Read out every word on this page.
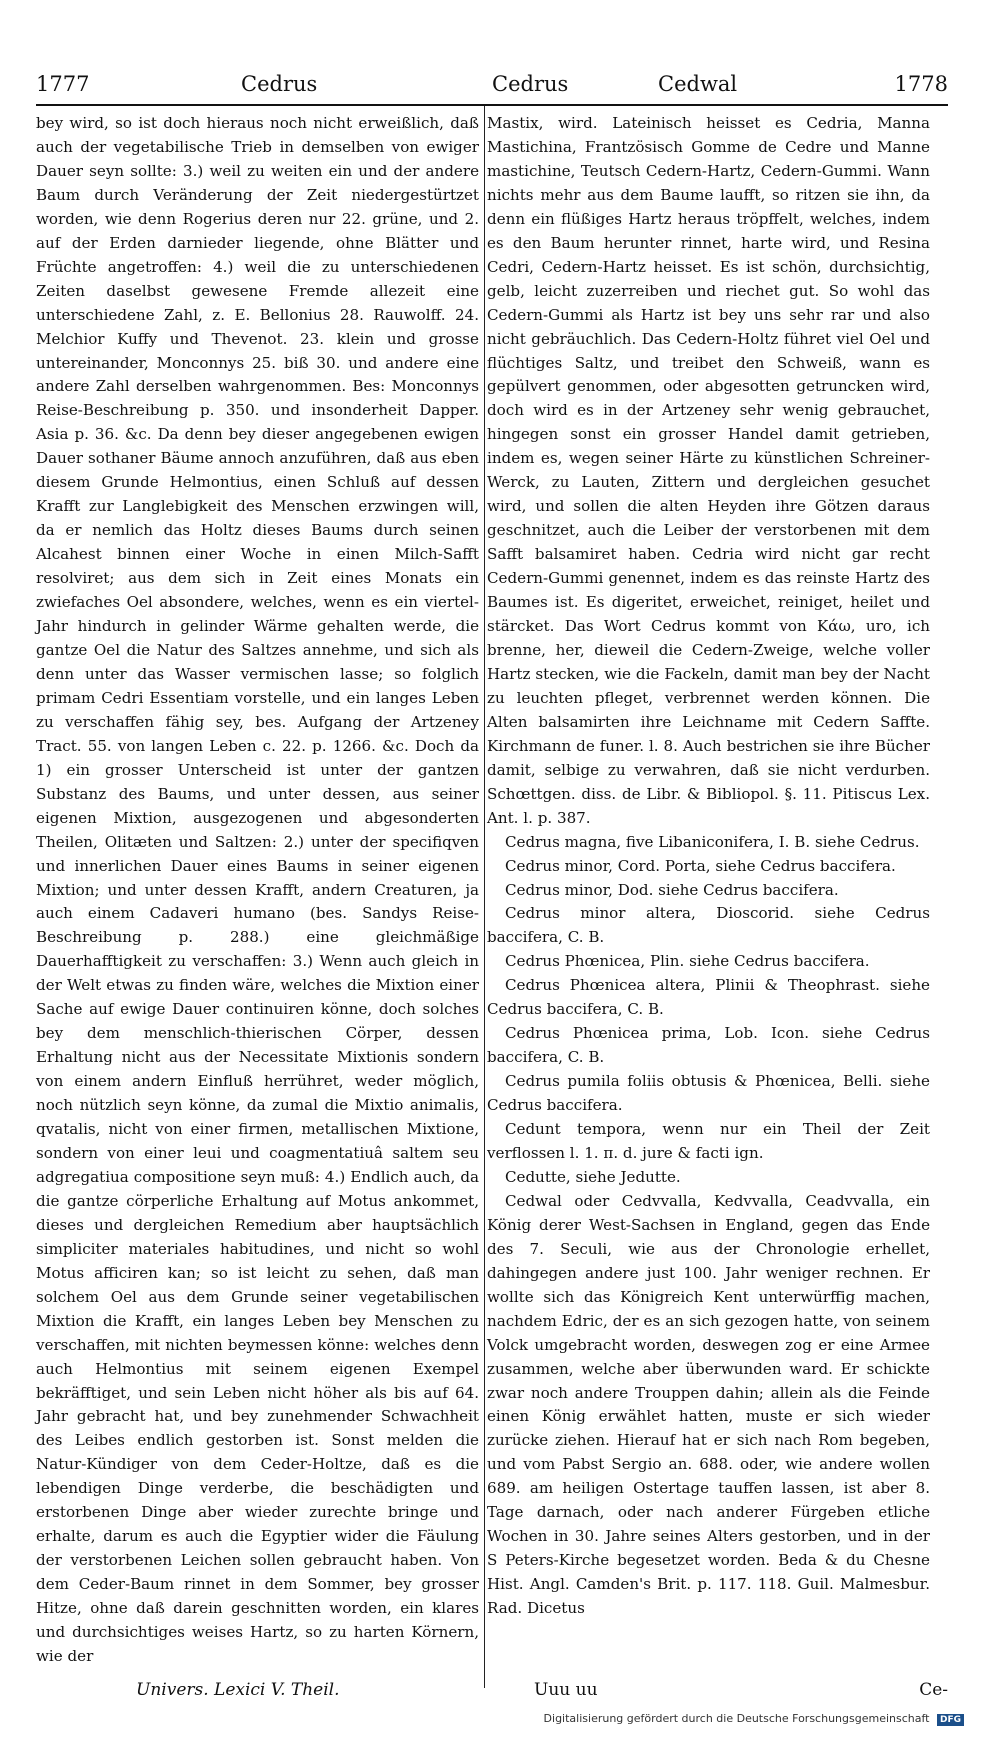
1777	Cedrus	Cedrus	Cedwal	1778

bey wird, so ist doch hieraus noch nicht erweißlich, daß auch der vegetabilische Trieb in demselben von ewiger Dauer seyn sollte: 3.) weil zu weiten ein und der andere Baum durch Veränderung der Zeit niedergestürtzet worden, wie denn Rogerius deren nur 22. grüne, und 2. auf der Erden darnieder liegende, ohne Blätter und Früchte angetroffen: 4.) weil die zu unterschiedenen Zeiten daselbst gewesene Fremde allezeit eine unterschiedene Zahl, z. E. Bellonius 28. Rauwolff. 24. Melchior Kuffy und Thevenot. 23. klein und grosse untereinander, Monconnys 25. biß 30. und andere eine andere Zahl derselben wahrgenommen. Bes: Monconnys Reise-Beschreibung p. 350. und insonderheit Dapper. Asia p. 36. &c. Da denn bey dieser angegebenen ewigen Dauer sothaner Bäume annoch anzuführen, daß aus eben diesem Grunde Helmontius, einen Schluß auf dessen Krafft zur Langlebigkeit des Menschen erzwingen will, da er nemlich das Holtz dieses Baums durch seinen Alcahest binnen einer Woche in einen Milch-Safft resolviret; aus dem sich in Zeit eines Monats ein zwiefaches Oel absondere, welches, wenn es ein viertel-Jahr hindurch in gelinder Wärme gehalten werde, die gantze Oel die Natur des Saltzes annehme, und sich als denn unter das Wasser vermischen lasse; so folglich primam Cedri Essentiam vorstelle, und ein langes Leben zu verschaffen fähig sey, bes. Aufgang der Artzeney Tract. 55. von langen Leben c. 22. p. 1266. &c. Doch da 1) ein grosser Unterscheid ist unter der gantzen Substanz des Baums, und unter dessen, aus seiner eigenen Mixtion, ausgezogenen und abgesonderten Theilen, Olitæten und Saltzen: 2.) unter der specifiqven und innerlichen Dauer eines Baums in seiner eigenen Mixtion; und unter dessen Krafft, andern Creaturen, ja auch einem Cadaveri humano (bes. Sandys Reise-Beschreibung p. 288.) eine gleichmäßige Dauerhafftigkeit zu verschaffen: 3.) Wenn auch gleich in der Welt etwas zu finden wäre, welches die Mixtion einer Sache auf ewige Dauer continuiren könne, doch solches bey dem menschlich-thierischen Cörper, dessen Erhaltung nicht aus der Necessitate Mixtionis sondern von einem andern Einfluß herrühret, weder möglich, noch nützlich seyn könne, da zumal die Mixtio animalis, qvatalis, nicht von einer firmen, metallischen Mixtione, sondern von einer leui und coagmentatiuâ saltem seu adgregatiua compositione seyn muß: 4.) Endlich auch, da die gantze cörperliche Erhaltung auf Motus ankommet, dieses und dergleichen Remedium aber hauptsächlich simpliciter materiales habitudines, und nicht so wohl Motus afficiren kan; so ist leicht zu sehen, daß man solchem Oel aus dem Grunde seiner vegetabilischen Mixtion die Krafft, ein langes Leben bey Menschen zu verschaffen, mit nichten beymessen könne: welches denn auch Helmontius mit seinem eigenen Exempel bekräfftiget, und sein Leben nicht höher als bis auf 64. Jahr gebracht hat, und bey zunehmender Schwachheit des Leibes endlich gestorben ist. Sonst melden die Natur-Kündiger von dem Ceder-Holtze, daß es die lebendigen Dinge verderbe, die beschädigten und erstorbenen Dinge aber wieder zurechte bringe und erhalte, darum es auch die Egyptier wider die Fäulung der verstorbenen Leichen sollen gebraucht haben. Von dem Ceder-Baum rinnet in dem Sommer, bey grosser Hitze, ohne daß darein geschnitten worden, ein klares und durchsichtiges weises Hartz, so zu harten Körnern, wie der

Mastix, wird. Lateinisch heisset es Cedria, Manna Mastichina, Frantzösisch Gomme de Cedre und Manne mastichine, Teutsch Cedern-Hartz, Cedern-Gummi. Wann nichts mehr aus dem Baume laufft, so ritzen sie ihn, da denn ein flüßiges Hartz heraus tröpffelt, welches, indem es den Baum herunter rinnet, harte wird, und Resina Cedri, Cedern-Hartz heisset. Es ist schön, durchsichtig, gelb, leicht zuzerreiben und riechet gut. So wohl das Cedern-Gummi als Hartz ist bey uns sehr rar und also nicht gebräuchlich. Das Cedern-Holtz führet viel Oel und flüchtiges Saltz, und treibet den Schweiß, wann es gepülvert genommen, oder abgesotten getruncken wird, doch wird es in der Artzeney sehr wenig gebrauchet, hingegen sonst ein grosser Handel damit getrieben, indem es, wegen seiner Härte zu künstlichen Schreiner-Werck, zu Lauten, Zittern und dergleichen gesuchet wird, und sollen die alten Heyden ihre Götzen daraus geschnitzet, auch die Leiber der verstorbenen mit dem Safft balsamiret haben. Cedria wird nicht gar recht Cedern-Gummi genennet, indem es das reinste Hartz des Baumes ist. Es digeritet, erweichet, reiniget, heilet und stärcket. Das Wort Cedrus kommt von Κάω, uro, ich brenne, her, dieweil die Cedern-Zweige, welche voller Hartz stecken, wie die Fackeln, damit man bey der Nacht zu leuchten pfleget, verbrennet werden können. Die Alten balsamirten ihre Leichname mit Cedern Saffte. Kirchmann de funer. l. 8. Auch bestrichen sie ihre Bücher damit, selbige zu verwahren, daß sie nicht verdurben. Schœttgen. diss. de Libr. & Bibliopol. §. 11. Pitiscus Lex. Ant. l. p. 387.

Cedrus magna, five Libaniconifera, I. B. siehe Cedrus.

Cedrus minor, Cord. Porta, siehe Cedrus baccifera.

Cedrus minor, Dod. siehe Cedrus baccifera.

Cedrus minor altera, Dioscorid. siehe Cedrus baccifera, C. B.

Cedrus Phœnicea, Plin. siehe Cedrus baccifera.

Cedrus Phœnicea altera, Plinii & Theophrast. siehe Cedrus baccifera, C. B.

Cedrus Phœnicea prima, Lob. Icon. siehe Cedrus baccifera, C. B.

Cedrus pumila foliis obtusis & Phœnicea, Belli. siehe Cedrus baccifera.

Cedunt tempora, wenn nur ein Theil der Zeit verflossen l. 1. π. d. jure & facti ign.

Cedutte, siehe Jedutte.

Cedwal oder Cedvvalla, Kedvvalla, Ceadvvalla, ein König derer West-Sachsen in England, gegen das Ende des 7. Seculi, wie aus der Chronologie erhellet, dahingegen andere just 100. Jahr weniger rechnen. Er wollte sich das Königreich Kent unterwürffig machen, nachdem Edric, der es an sich gezogen hatte, von seinem Volck umgebracht worden, deswegen zog er eine Armee zusammen, welche aber überwunden ward. Er schickte zwar noch andere Trouppen dahin; allein als die Feinde einen König erwählet hatten, muste er sich wieder zurücke ziehen. Hierauf hat er sich nach Rom begeben, und vom Pabst Sergio an. 688. oder, wie andere wollen 689. am heiligen Ostertage tauffen lassen, ist aber 8. Tage darnach, oder nach anderer Fürgeben etliche Wochen in 30. Jahre seines Alters gestorben, und in der S Peters-Kirche begesetzet worden. Beda & du Chesne Hist. Angl. Camden's Brit. p. 117. 118. Guil. Malmesbur. Rad. Dicetus

Univers. Lexici V. Theil.	Uuu uu	Ce-
Digitalisierung gefördert durch die Deutsche Forschungsgemeinschaft DFG
